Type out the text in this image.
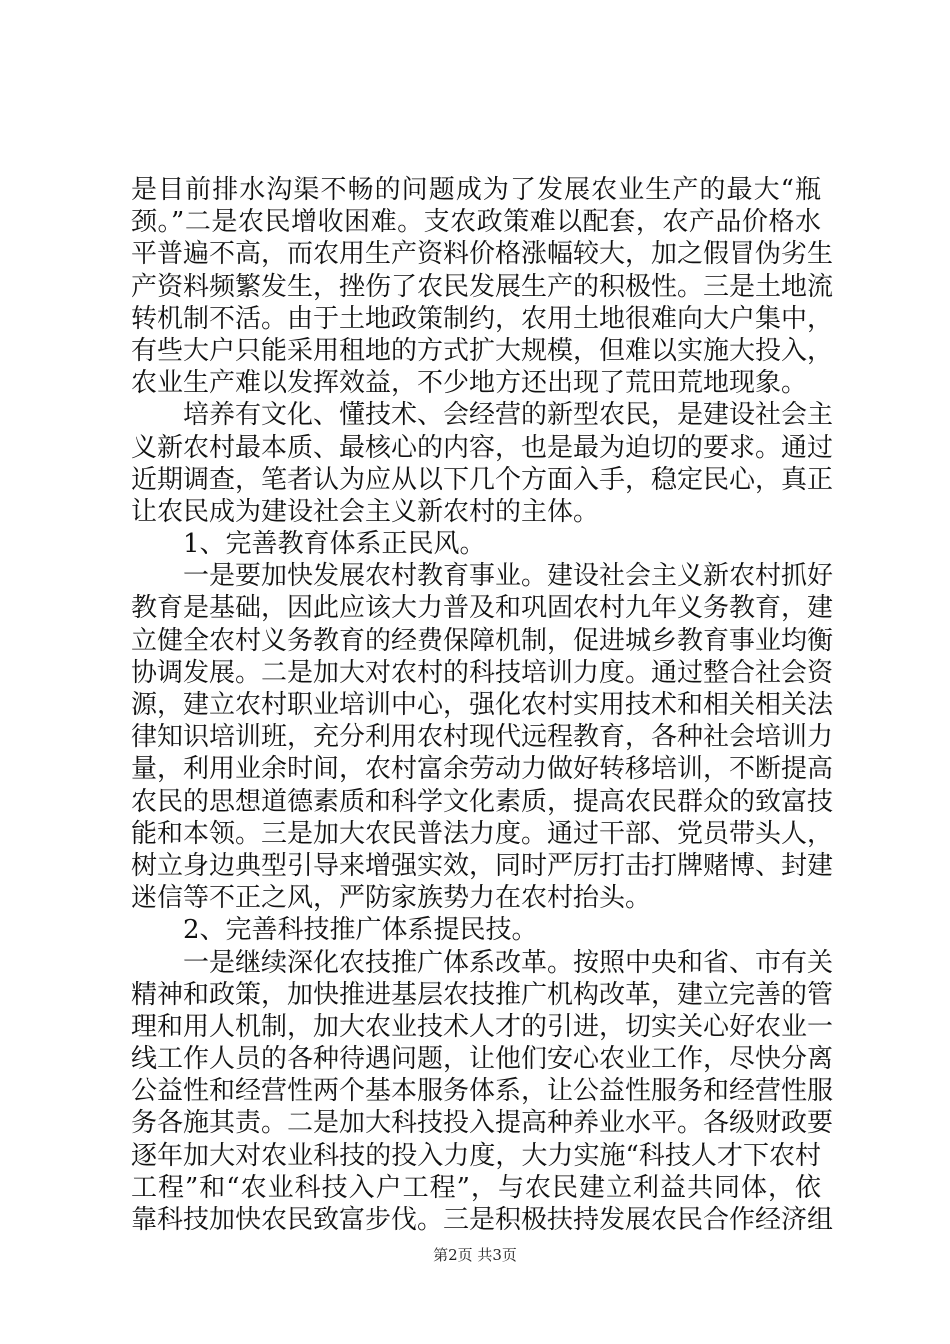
是目前排水沟渠不畅的问题成为了发展农业生产的最大“瓶
颈。”二是农民增收困难。支农政策难以配套，农产品价格水
平普遍不高，而农用生产资料价格涨幅较大，加之假冒伪劣生
产资料频繁发生，挫伤了农民发展生产的积极性。三是土地流
转机制不活。由于土地政策制约，农用土地很难向大户集中，
有些大户只能采用租地的方式扩大规模，但难以实施大投入，
农业生产难以发挥效益，不少地方还出现了荒田荒地现象。
培养有文化、懂技术、会经营的新型农民，是建设社会主
义新农村最本质、最核心的内容，也是最为迫切的要求。通过
近期调查，笔者认为应从以下几个方面入手，稳定民心，真正
让农民成为建设社会主义新农村的主体。
1、完善教育体系正民风。
一是要加快发展农村教育事业。建设社会主义新农村抓好
教育是基础，因此应该大力普及和巩固农村九年义务教育，建
立健全农村义务教育的经费保障机制，促进城乡教育事业均衡
协调发展。二是加大对农村的科技培训力度。通过整合社会资
源，建立农村职业培训中心，强化农村实用技术和相关相关法
律知识培训班，充分利用农村现代远程教育，各种社会培训力
量，利用业余时间，农村富余劳动力做好转移培训，不断提高
农民的思想道德素质和科学文化素质，提高农民群众的致富技
能和本领。三是加大农民普法力度。通过干部、党员带头人，
树立身边典型引导来增强实效，同时严厉打击打牌赌博、封建
迷信等不正之风，严防家族势力在农村抬头。
2、完善科技推广体系提民技。
一是继续深化农技推广体系改革。按照中央和省、市有关
精神和政策，加快推进基层农技推广机构改革，建立完善的管
理和用人机制，加大农业技术人才的引进，切实关心好农业一
线工作人员的各种待遇问题，让他们安心农业工作，尽快分离
公益性和经营性两个基本服务体系，让公益性服务和经营性服
务各施其责。二是加大科技投入提高种养业水平。各级财政要
逐年加大对农业科技的投入力度，大力实施“科技人才下农村
工程”和“农业科技入户工程”，与农民建立利益共同体，依
靠科技加快农民致富步伐。三是积极扶持发展农民合作经济组
第2页 共3页
